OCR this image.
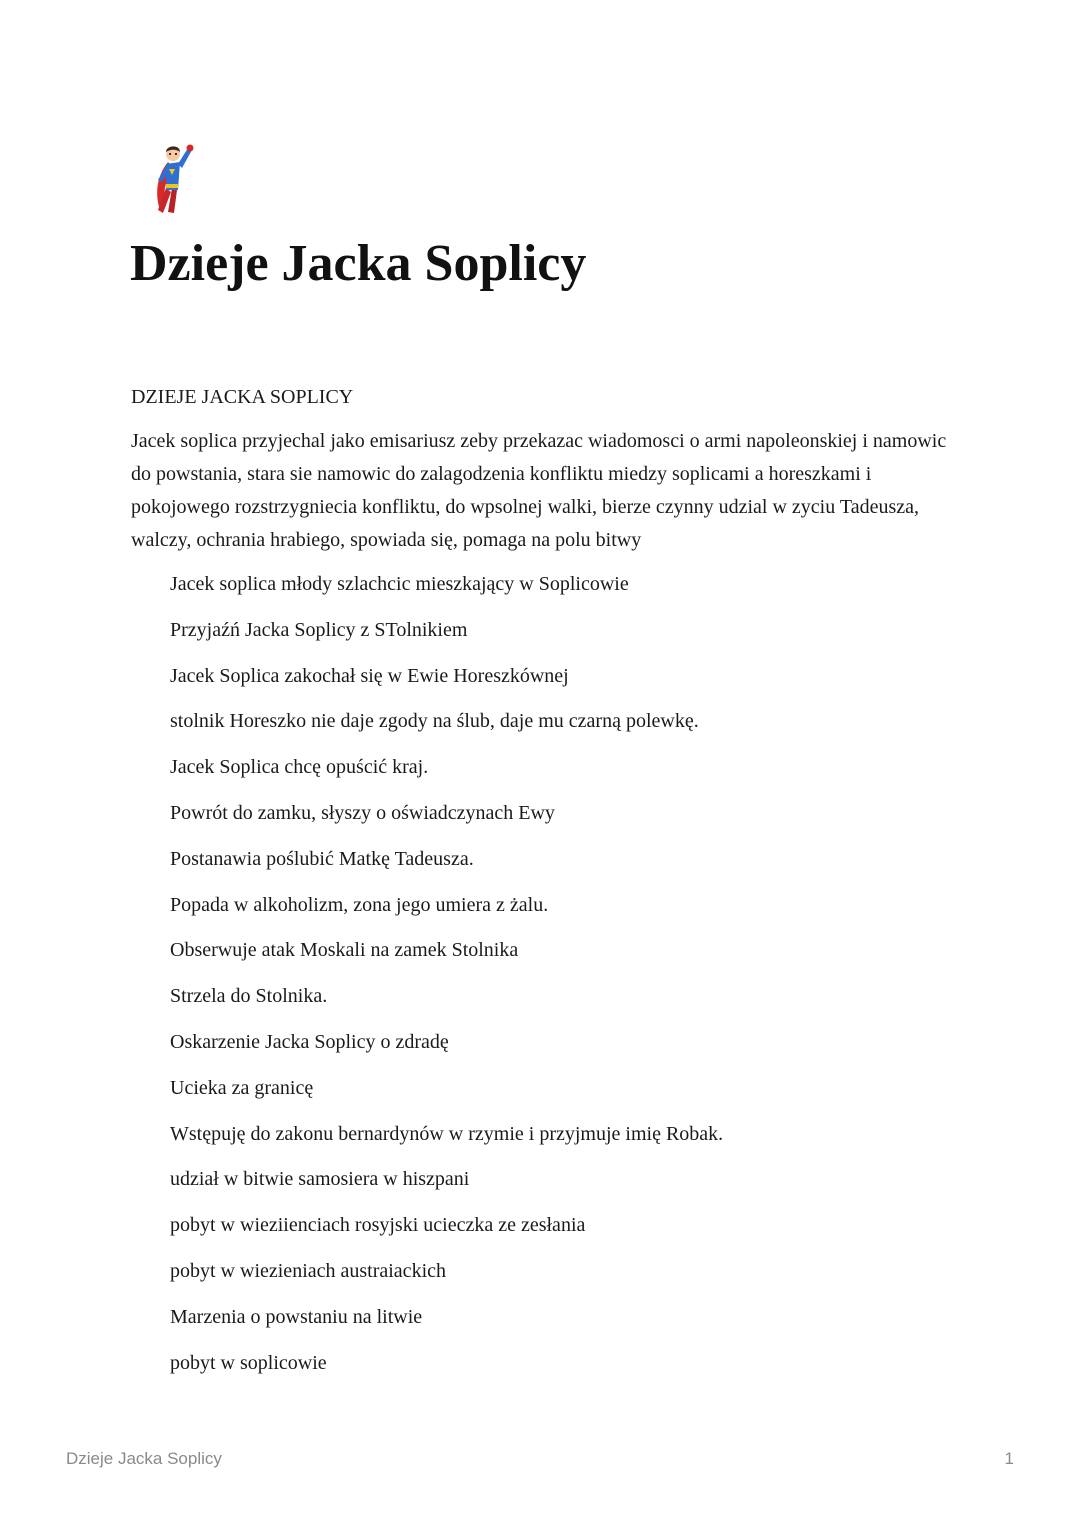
Dzieje Jacka Soplicy

DZIEJE JACKA SOPLICY

Jacek soplica przyjechal jako emisariusz zeby przekazac wiadomosci o armi napoleonskiej i namowic do powstania, stara sie namowic do zalagodzenia konfliktu miedzy soplicami a horeszkami i pokojowego rozstrzygniecia konfliktu, do wpsolnej walki, bierze czynny udzial w zyciu Tadeusza, walczy, ochrania hrabiego, spowiada się, pomaga na polu bitwy

Jacek soplica młody szlachcic mieszkający w Soplicowie
Przyjaźń Jacka Soplicy z STolnikiem
Jacek Soplica zakochał się w Ewie Horeszkównej
stolnik Horeszko nie daje zgody na ślub, daje mu czarną polewkę.
Jacek Soplica chcę opuścić kraj.
Powrót do zamku, słyszy o oświadczynach Ewy
Postanawia poślubić Matkę Tadeusza.
Popada w alkoholizm, zona jego umiera z żalu.
Obserwuje atak Moskali na zamek Stolnika
Strzela do Stolnika.
Oskarzenie Jacka Soplicy o zdradę
Ucieka za granicę
Wstępuję do zakonu bernardynów w rzymie i przyjmuje imię Robak.
udział w bitwie samosiera w hiszpani
pobyt w wieziienciach rosyjski ucieczka ze zesłania
pobyt w wiezieniach austraiackich
Marzenia o powstaniu na litwie
pobyt w soplicowie

Dzieje Jacka Soplicy	1
